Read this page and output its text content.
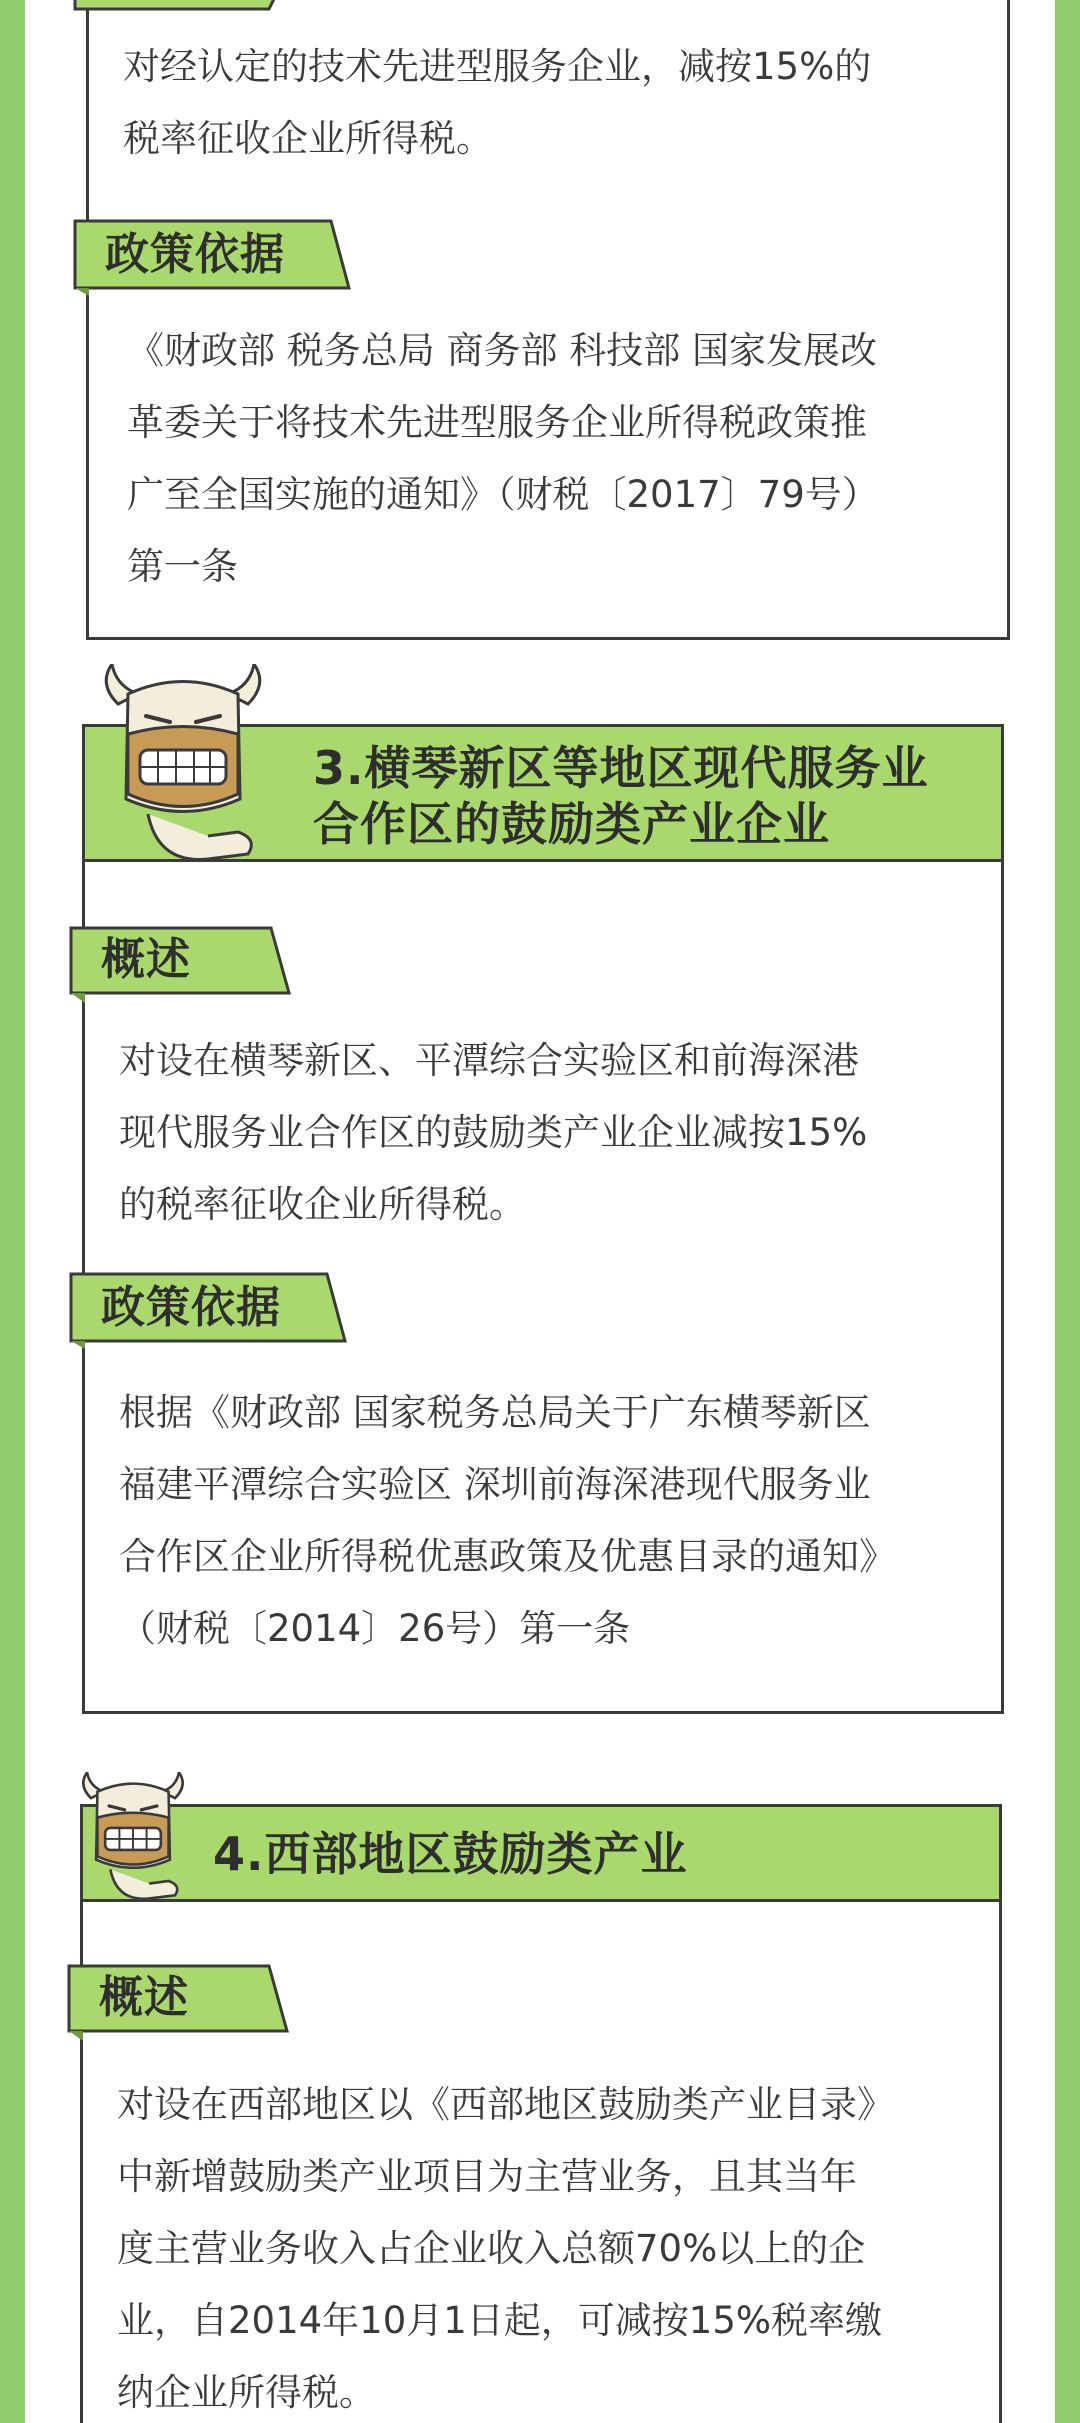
对经认定的技术先进型服务企业，减按15%的
税率征收企业所得税。
政策依据
《财政部 税务总局 商务部 科技部 国家发展改
革委关于将技术先进型服务企业所得税政策推
广至全国实施的通知》（财税〔2017〕79号）
第一条
3.横琴新区等地区现代服务业
合作区的鼓励类产业企业
概述
对设在横琴新区、平潭综合实验区和前海深港
现代服务业合作区的鼓励类产业企业减按15%
的税率征收企业所得税。
政策依据
根据《财政部 国家税务总局关于广东横琴新区
福建平潭综合实验区 深圳前海深港现代服务业
合作区企业所得税优惠政策及优惠目录的通知》
（财税〔2014〕26号）第一条
4.西部地区鼓励类产业
概述
对设在西部地区以《西部地区鼓励类产业目录》
中新增鼓励类产业项目为主营业务，且其当年
度主营业务收入占企业收入总额70%以上的企
业，自2014年10月1日起，可减按15%税率缴
纳企业所得税。
